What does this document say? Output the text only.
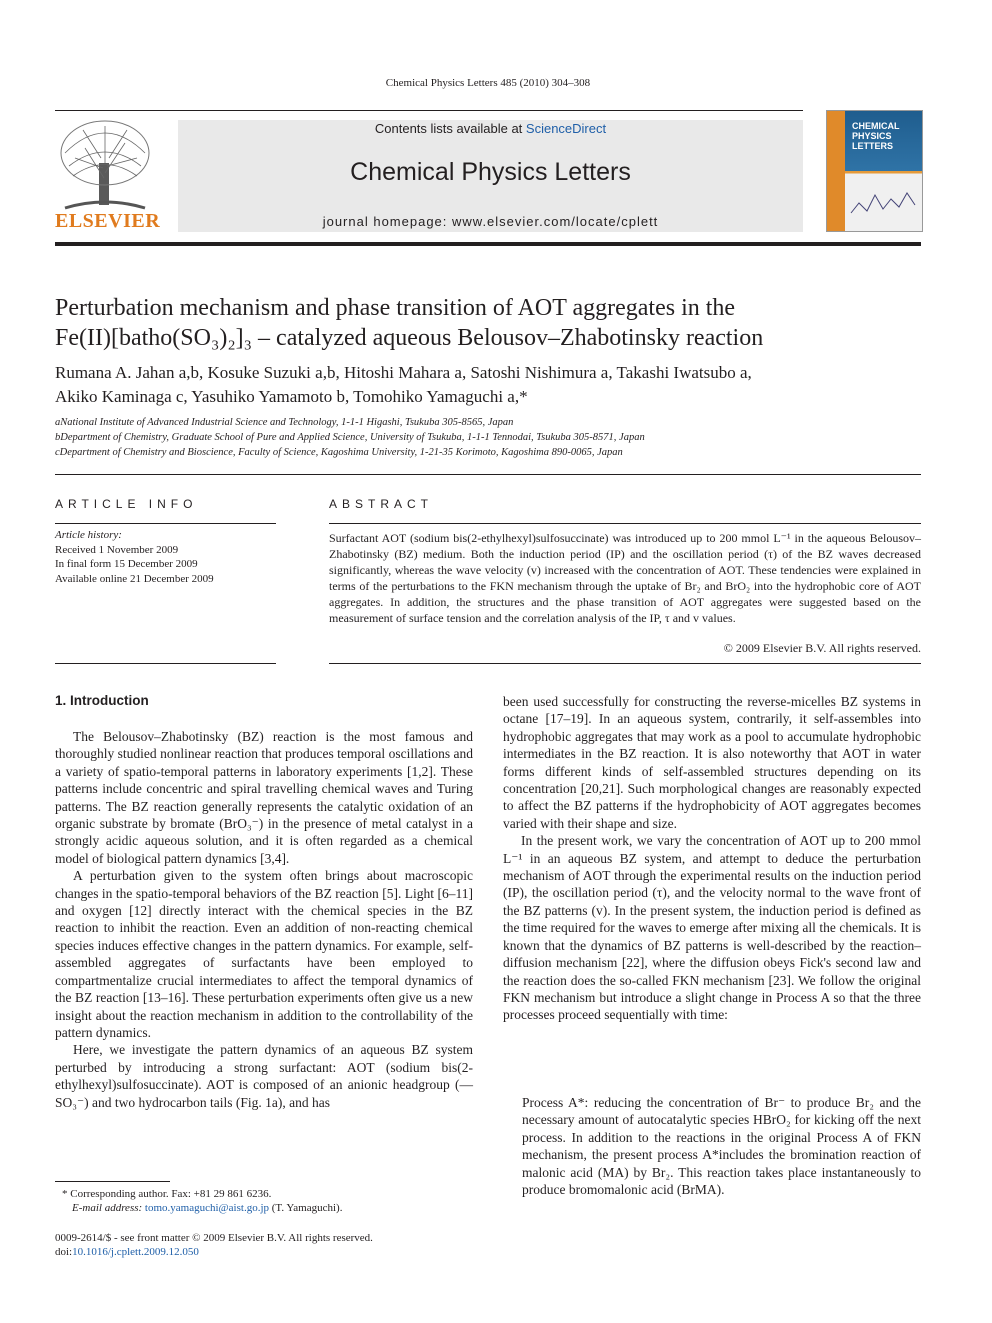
Chemical Physics Letters 485 (2010) 304–308
ELSEVIER
Contents lists available at ScienceDirect
Chemical Physics Letters
journal homepage: www.elsevier.com/locate/cplett
CHEMICAL PHYSICS LETTERS
Perturbation mechanism and phase transition of AOT aggregates in the
Fe(II)[batho(SO₃)₂]₃ – catalyzed aqueous Belousov–Zhabotinsky reaction
Rumana A. Jahan a,b, Kosuke Suzuki a,b, Hitoshi Mahara a, Satoshi Nishimura a, Takashi Iwatsubo a,
Akiko Kaminaga c, Yasuhiko Yamamoto b, Tomohiko Yamaguchi a,*
aNational Institute of Advanced Industrial Science and Technology, 1-1-1 Higashi, Tsukuba 305-8565, Japan
bDepartment of Chemistry, Graduate School of Pure and Applied Science, University of Tsukuba, 1-1-1 Tennodai, Tsukuba 305-8571, Japan
cDepartment of Chemistry and Bioscience, Faculty of Science, Kagoshima University, 1-21-35 Korimoto, Kagoshima 890-0065, Japan
ARTICLE INFO
Article history:
Received 1 November 2009
In final form 15 December 2009
Available online 21 December 2009
ABSTRACT
Surfactant AOT (sodium bis(2-ethylhexyl)sulfosuccinate) was introduced up to 200 mmol L⁻¹ in the aqueous Belousov–Zhabotinsky (BZ) medium. Both the induction period (IP) and the oscillation period (τ) of the BZ waves decreased significantly, whereas the wave velocity (v) increased with the concentration of AOT. These tendencies were explained in terms of the perturbations to the FKN mechanism through the uptake of Br₂ and BrO₂ into the hydrophobic core of AOT aggregates. In addition, the structures and the phase transition of AOT aggregates were suggested based on the measurement of surface tension and the correlation analysis of the IP, τ and v values.
© 2009 Elsevier B.V. All rights reserved.
1. Introduction

The Belousov–Zhabotinsky (BZ) reaction is the most famous and thoroughly studied nonlinear reaction that produces temporal oscillations and a variety of spatio-temporal patterns in laboratory experiments [1,2]. These patterns include concentric and spiral travelling chemical waves and Turing patterns. The BZ reaction generally represents the catalytic oxidation of an organic substrate by bromate (BrO₃⁻) in the presence of metal catalyst in a strongly acidic aqueous solution, and it is often regarded as a chemical model of biological pattern dynamics [3,4].

A perturbation given to the system often brings about macroscopic changes in the spatio-temporal behaviors of the BZ reaction [5]. Light [6–11] and oxygen [12] directly interact with the chemical species in the BZ reaction to inhibit the reaction. Even an addition of non-reacting chemical species induces effective changes in the pattern dynamics. For example, self-assembled aggregates of surfactants have been employed to compartmentalize crucial intermediates to affect the temporal dynamics of the BZ reaction [13–16]. These perturbation experiments often give us a new insight about the reaction mechanism in addition to the controllability of the pattern dynamics.

Here, we investigate the pattern dynamics of an aqueous BZ system perturbed by introducing a strong surfactant: AOT (sodium bis(2-ethylhexyl)sulfosuccinate). AOT is composed of an anionic headgroup (—SO₃⁻) and two hydrocarbon tails (Fig. 1a), and has

been used successfully for constructing the reverse-micelles BZ systems in octane [17–19]. In an aqueous system, contrarily, it self-assembles into hydrophobic aggregates that may work as a pool to accumulate hydrophobic intermediates in the BZ reaction. It is also noteworthy that AOT in water forms different kinds of self-assembled structures depending on its concentration [20,21]. Such morphological changes are reasonably expected to affect the BZ patterns if the hydrophobicity of AOT aggregates becomes varied with their shape and size.

In the present work, we vary the concentration of AOT up to 200 mmol L⁻¹ in an aqueous BZ system, and attempt to deduce the perturbation mechanism of AOT through the experimental results on the induction period (IP), the oscillation period (τ), and the velocity normal to the wave front of the BZ patterns (v). In the present system, the induction period is defined as the time required for the waves to emerge after mixing all the chemicals. It is known that the dynamics of BZ patterns is well-described by the reaction–diffusion mechanism [22], where the diffusion obeys Fick's second law and the reaction does the so-called FKN mechanism [23]. We follow the original FKN mechanism but introduce a slight change in Process A so that the three processes proceed sequentially with time:

Process A*: reducing the concentration of Br⁻ to produce Br₂ and the necessary amount of autocatalytic species HBrO₂ for kicking off the next process. In addition to the reactions in the original Process A of FKN mechanism, the present process A*includes the bromination reaction of malonic acid (MA) by Br₂. This reaction takes place instantaneously to produce bromomalonic acid (BrMA).
* Corresponding author. Fax: +81 29 861 6236.
E-mail address: tomo.yamaguchi@aist.go.jp (T. Yamaguchi).
0009-2614/$ - see front matter © 2009 Elsevier B.V. All rights reserved.
doi:10.1016/j.cplett.2009.12.050
